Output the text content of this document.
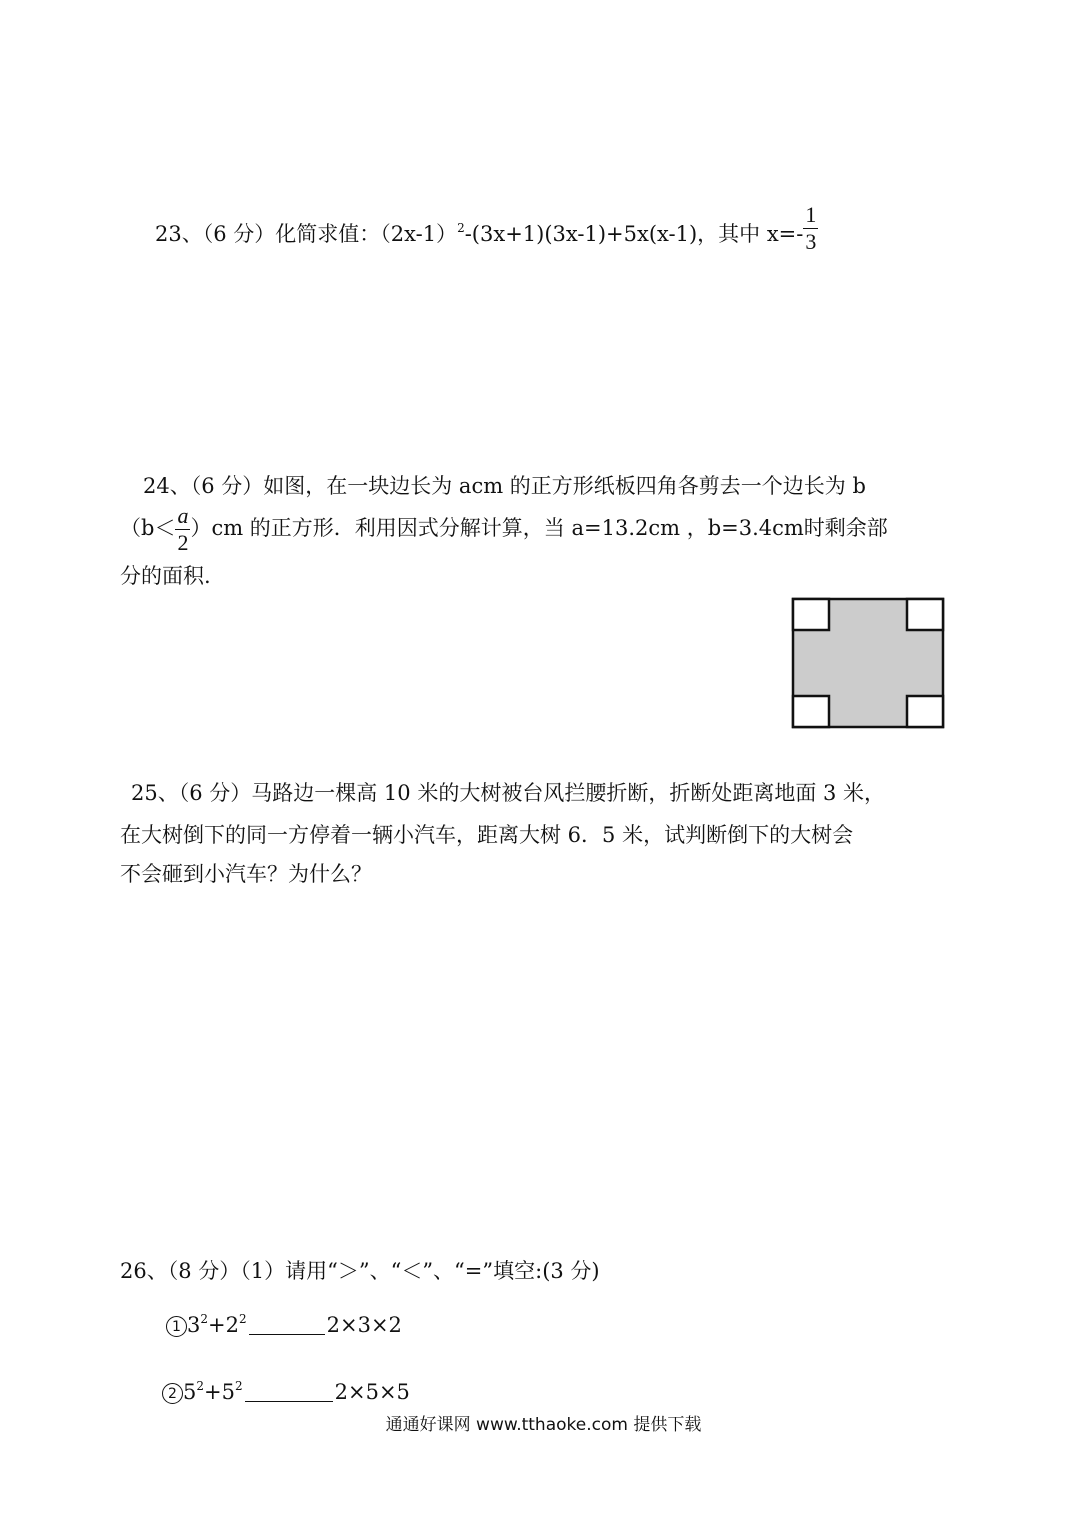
23、（6 分）化简求值：$(2x-1)^2-(3x+1)(3x-1)+5x(x-1)$，其中 $x=- \frac{1}{3}$
24、（6 分）如图，在一块边长为 acm 的正方形纸板四角各剪去一个边长为 b
$(b< \frac{a}{2} )cm$ 的正方形．利用因式分解计算，当 a=13.2cm ，b=3.4cm时剩余部
分的面积.
25、（6 分）马路边一棵高 10 米的大树被台风拦腰折断，折断处距离地面 3 米，
在大树倒下的同一方停着一辆小汽车，距离大树 6．5 米，试判断倒下的大树会
不会砸到小汽车？为什么？
26、（8 分）（1）请用“＞”、“＜”、“=”填空:(3 分)
1 $3^2+2^2$	2×3×2
2 $5^2+5^2$	2×5×5
通通好课网 www.tthaoke.com 提供下载
